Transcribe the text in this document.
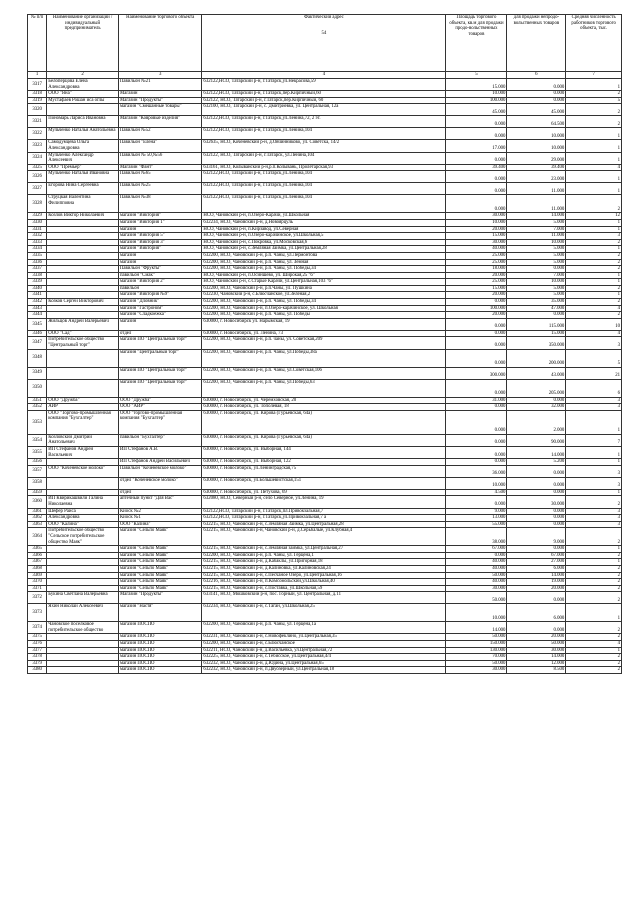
№ п/п	Наименование организации / индивидуальный предприниматель	Наименование торгового объекта	Фактический адрес
54	Площадь торгового объекта, кв.м для продажи продо-вольственных товаров	для продажи непродо-вольственных товаров	Средняя численность работников торгового объекта, тыс.
1	2	3	4	5	6	7
3317	Белоперцова Елена Александровна	Павильон №21	632122,НСО, Татарский р-н, г.Татарск,ул.Некрасова,59	15.000	0.000	1
3318	ООО "Яна"	Магазин	632122,НСО, Татарский р-н, г.Татарск,пер.Кирпичный,60	10.000	0.000	2
3319	Мустафаев Рошан иса оглы	Магазин "Продукты"	632122, НСО, Татарский р-н, г.Татарск,пер.Кирпичный, 60	100.000	0.000	5
3320		магазин "Смешанные товары"	632100, НСО, Татарский р-н, с. Дмитриевка, ул. Центральная, 12а	45.000	45.000	2
3321	Пономарь Лариса Ивановна	Магазин "Ковровые изделия"	632122,НСО, Татарский р-н, г.Татарск,ул.Ленина,72, 2 эт.	0.000	64.500	2
3322	Мульченко Наталья Анатольевна	Павильон №52	632122,НСО, Татарский р-н, г.Татарск,ул.Ленина,104	0.000	10.000	1
3323	Самодумцева Ольга Александровна	Павильон "Елена"	632635, НСО, Коченевский р-н, д.Овчинниково, ул. Советска, 14/2	17.000	10.000	1
3324	Мульченко Александр Алексеевич	Павильон № 50,№56	632122, НСО, Татарский р-н, г.Татарск, ул.Ленина,104	0.000	29.000	1
3325	ООО "Премьер"	Магазин "Фант"	633161, НСО, Колыванский р-н,р.п.Колывань, Пролетарская,93	39.400	39.400	4
3326	Мульченко Наталья Ивановна	Павильон №65	632122,НСО, Татарский р-н, г.Татарск,ул.Ленина,104	0.000	23.000	1
3327	Егорова Нина Сергеевна	Павильон №25	632122,НСО, Татарский р-н, г.Татарск,ул.Ленина,104	0.000	11.000	1
3328	Струцкая Валентина Филипповна	Павильон №38	632122,НСО, Татарский р-н, г.Татарск,ул.Ленина,104	0.000	11.000	2
3329	Козлов Виктор Николаевич	магазин "Виктория"	НСО, Чановский р-н, п.Озеро-Карачи, ул.Школьная	30.000	14.000	12
3330		магазин "Виктория 1"	632234, НСО, Чановский р-н, д.Новоярцуль	10.000	5.000	1
3331		магазин	НСО, Чановский р-н, п.Кирзавод, ул.Северная	20.000	7.000	1
3332		магазин "Виктория 5"	НСО, Чановский р-н, п.Озеро-карачинское, ул.Школьная,5	15.000	11.000	3
3333		магазин "Виктория 3"	НСО, Чановский р-н, с.Покровка, ул.Московская,6	30.000	10.000	2
3334		магазин "Виктория"	НСО, Чановский р-н, с.Земляная Заимка, ул.Центральная,28	40.000	5.000	1
3335		магазин	632200, НСО, Чановский р-н, р.п. Чаны, ул.Лермонтова	25.000	5.000	2
3336		магазин	632200, НСО, Чановский р-н, р.п. Чаны, ул. Земная	25.000	5.000	2
3337		Павильон "Фрукты"	632200, НСО, Чановский р-н, р.п. Чаны, ул. Победы,34	18.000	0.000	2
3338		павильон "Смак"	НСО, Чановский р-н, п.Осиншево, ул. Широкая,25 "б"	20.000	7.000	1
3339		магазин "Виктория 2"	НСО, Чановский р-н, с.Старые Карачи, ул.Центральная,103 "б"	25.000	10.000	1
3340		павильон	632200, НСО, Чановский р-н, р.п.Чаны, ул. Пушкина	15.000	5.000	2
3341		магазин "Виктория №9"	632230, Чановский р-н, с.Блюсчанское, ул.Зеленая,2	20.000	5.000	1
3342	Козков Сергей Викторович	магазин "Дловник"	632200, НСО, Чановский р-н, р.п. Чаны, ул. Победы,34	0.000	35.000	2
3343		магазин "Гастроном"	632200, НСО, Чановский р-н, п.Озеро-карачинское, ул. Школьная	100.000	47.000	4
3344		магазин "Сладкоежка"	632200, НСО, Чановский р-н, р.п. Чаны, ул. Победы	20.000	0.000	2
3345	Жильцов Андрей Валерьевич	магазин	630000, г. Новосибирск ул. Нарымская, 19	0.000	115.000	10
3346	ООО "Сад"	отдел	630000, г. Новосибирск, ул. Ленина, 73	0.000	15.000	4
3347	Потребительское общество "Центральный торг"	магазин ПО "Центральный торг"	632200, НСО, Чановский р-н, р.п. чаны, ул. Советская,209	0.000	350.000	3
3348		магазин "Центральный торг"	632200, НСО, Чановский р-н, р.п. Чаны, ул.Победы,38а	0.000	200.000	5
3349		магазин ПО "Центральный торг"	632200, НСО, Чановский р-н, р.п. Чаны, ул.Советская,106	300.000	43.000	21
3350		магазин ПО "Центральный торг"	632200, НСО, Чановский р-н, р.п. Чаны, ул.Победы,63	0.000	205.000	6
3351	ООО "Дружба"	ООО "Дружба"	630000, г. Новосибирск, ул. Черемховская, 20	31.000	0.000	3
3352	АИР	ООО "АИР"	630000, г. Новосибирск, ул. Тополевая, 18	0.000	32.000	3
3353	ООО "Торгово-промышленная компания "Бухгалтер"	ООО "торгово-промышленная компания "Бухгалтер"	630000, г. Новосибирск, ул. Кирова (Гурьевская, 64а)	0.000	2.000	1
3354	Козловский Дмитрий Анатольевич	павильон "Бухгалтер"	630000, г. Новосибирск, ул. Кирова (Гурьевская, 64а)	0.000	90.000	7
3355	ИП Стефанов Андрей Васильевич	ИП Стефанов А.В.	630000, г. Новосибирск, ул. Выборная, 144	0.000	14.000	1
3356		ИП Стефанов Андрей Васильевич	630000, г. Новосибирск, ул. Выборная, 122	0.000	5.200	1
3357	ООО "Коченёвское молоко"	Павильон "Коченёвское молоко"	630000, г. Новосибирск, ул.Ленинградская,75	36.000	0.000	3
3358		отдел "Коченёвское молоко"	630000, г. Новосибирск, ул.Большевистская,151	10.000	0.000	3
3359		отдел	630000, г. Новосибирск, ул. Петухова, 69	4.500	0.000	1
3360	ИП Квирикашвили Галина Николаевна	аптечный пункт "Для Вас"	632080, НСО, Северный р-н, село Северное, ул.Ленина, 19	0.000	30.000	2
3361	Шефер Раиса	Киоск №2	632122,НСО, Татарский р-н, г.Татарск,пл.Привокзальная,7	9.000	0.000	3
3362	Александровна	Киоск №1	632122,НСО, Татарский р-н, г.Татарск,ул.Привокзальная,7 а	13.000	0.000	3
3363	ООО "Калина"	ООО "Калина"	632215, НСО, Чановский р-н, с.Земляная Заимка, ул.Центральная,28	55.000	0.000	3
3364	Потребительское общество "Сельское потребительское общество Маяк"	магазин "Сельпо Маяк"	632215, НСО, Чановский р-н, Чановский р-н, д.Серьбалые, ул.Клубная,4	38.000	9.000	2
3365		магазин "Сельпо Маяк"	632215, НСО, Чановский р-н, с.Земляная заимка, ул.Центральная,27	67.000	0.000	1
3366		магазин "Сельпо Маяк"	632200, НСО, Чановский р-н, р.п. Чаны, ул. Герцена,1	0.000	67.000	2
3367		магазин "Сельпо Маяк"	632215, НСО, Чановский р-н, д.Кабаклы, ул.Пригорная,18	40.000	27.000	1
3368		магазин "Сельпо Маяк"	632215, НСО, Чановский р-н, д.Калиновка, ул.Калиновская,24	40.000	6.000	2
3369		магазин "Сельпо Маяк"	632215, НСО, Чановский р-н, с.Песчаное Озеро, ул.Центральная,16	50.000	14.000	2
3370		магазин "Сельпо Маяк"	632216, НСО, Чановский р-н, п.Комсомольский,ул.Школьная,40	40.000	19.000	2
3371		магазин "Сельпо Маяк"	632215, НСО, Чановский р-н, с.Поставка, ул.Школьная,59	30.000	20.000	2
3372	Букина Светлана Валерьевна	Магазин "Продукты"	633141, НСО, Мошковский р-н, пос. Горный, ул. Центральная, д.11	50.000	0.000	2
3373	Яхин Николай Алексеевич	магазин "Настя"	632234, НСО, Чановский р-н, с.Таган, ул.Школьная,25	10.000	6.000	1
3374	Чановское поселковое потребительское общество	магазин ПОСПО	632200, НСО, Чановский р-н, р.п. Чаны, ул. Герцена,1а	14.000	0.000	2
3375		магазин ПОСПО	632231, НСО, Чановский р-н, с.Новофеклино, ул.Центральная,35	50.000	20.000	2
3376		магазин ПОСПО	632200, НСО, Чановский р-н, с.Блюсчанское	150.000	50.000	4
3377		магазин ПОСПО	632211, НСО, Чановский р-н, д.Васильевка, ул.Центральная,72	130.000	30.000	1
3378		магазин ПОСПО	632225, НСО, Чановский р-н, с.Тебисское, ул.Центральная,4/4	70.000	14.000	2
3379		магазин ПОСПО	632232, НСО, Чановский р-н, д.Юдина, ул.Центральная,65	50.000	12.000	2
3380		магазин ПОСПО	632232, НСО, Чановский р-н, п.Двуозерный, ул.Центральная,18	30.000	8.500	2
